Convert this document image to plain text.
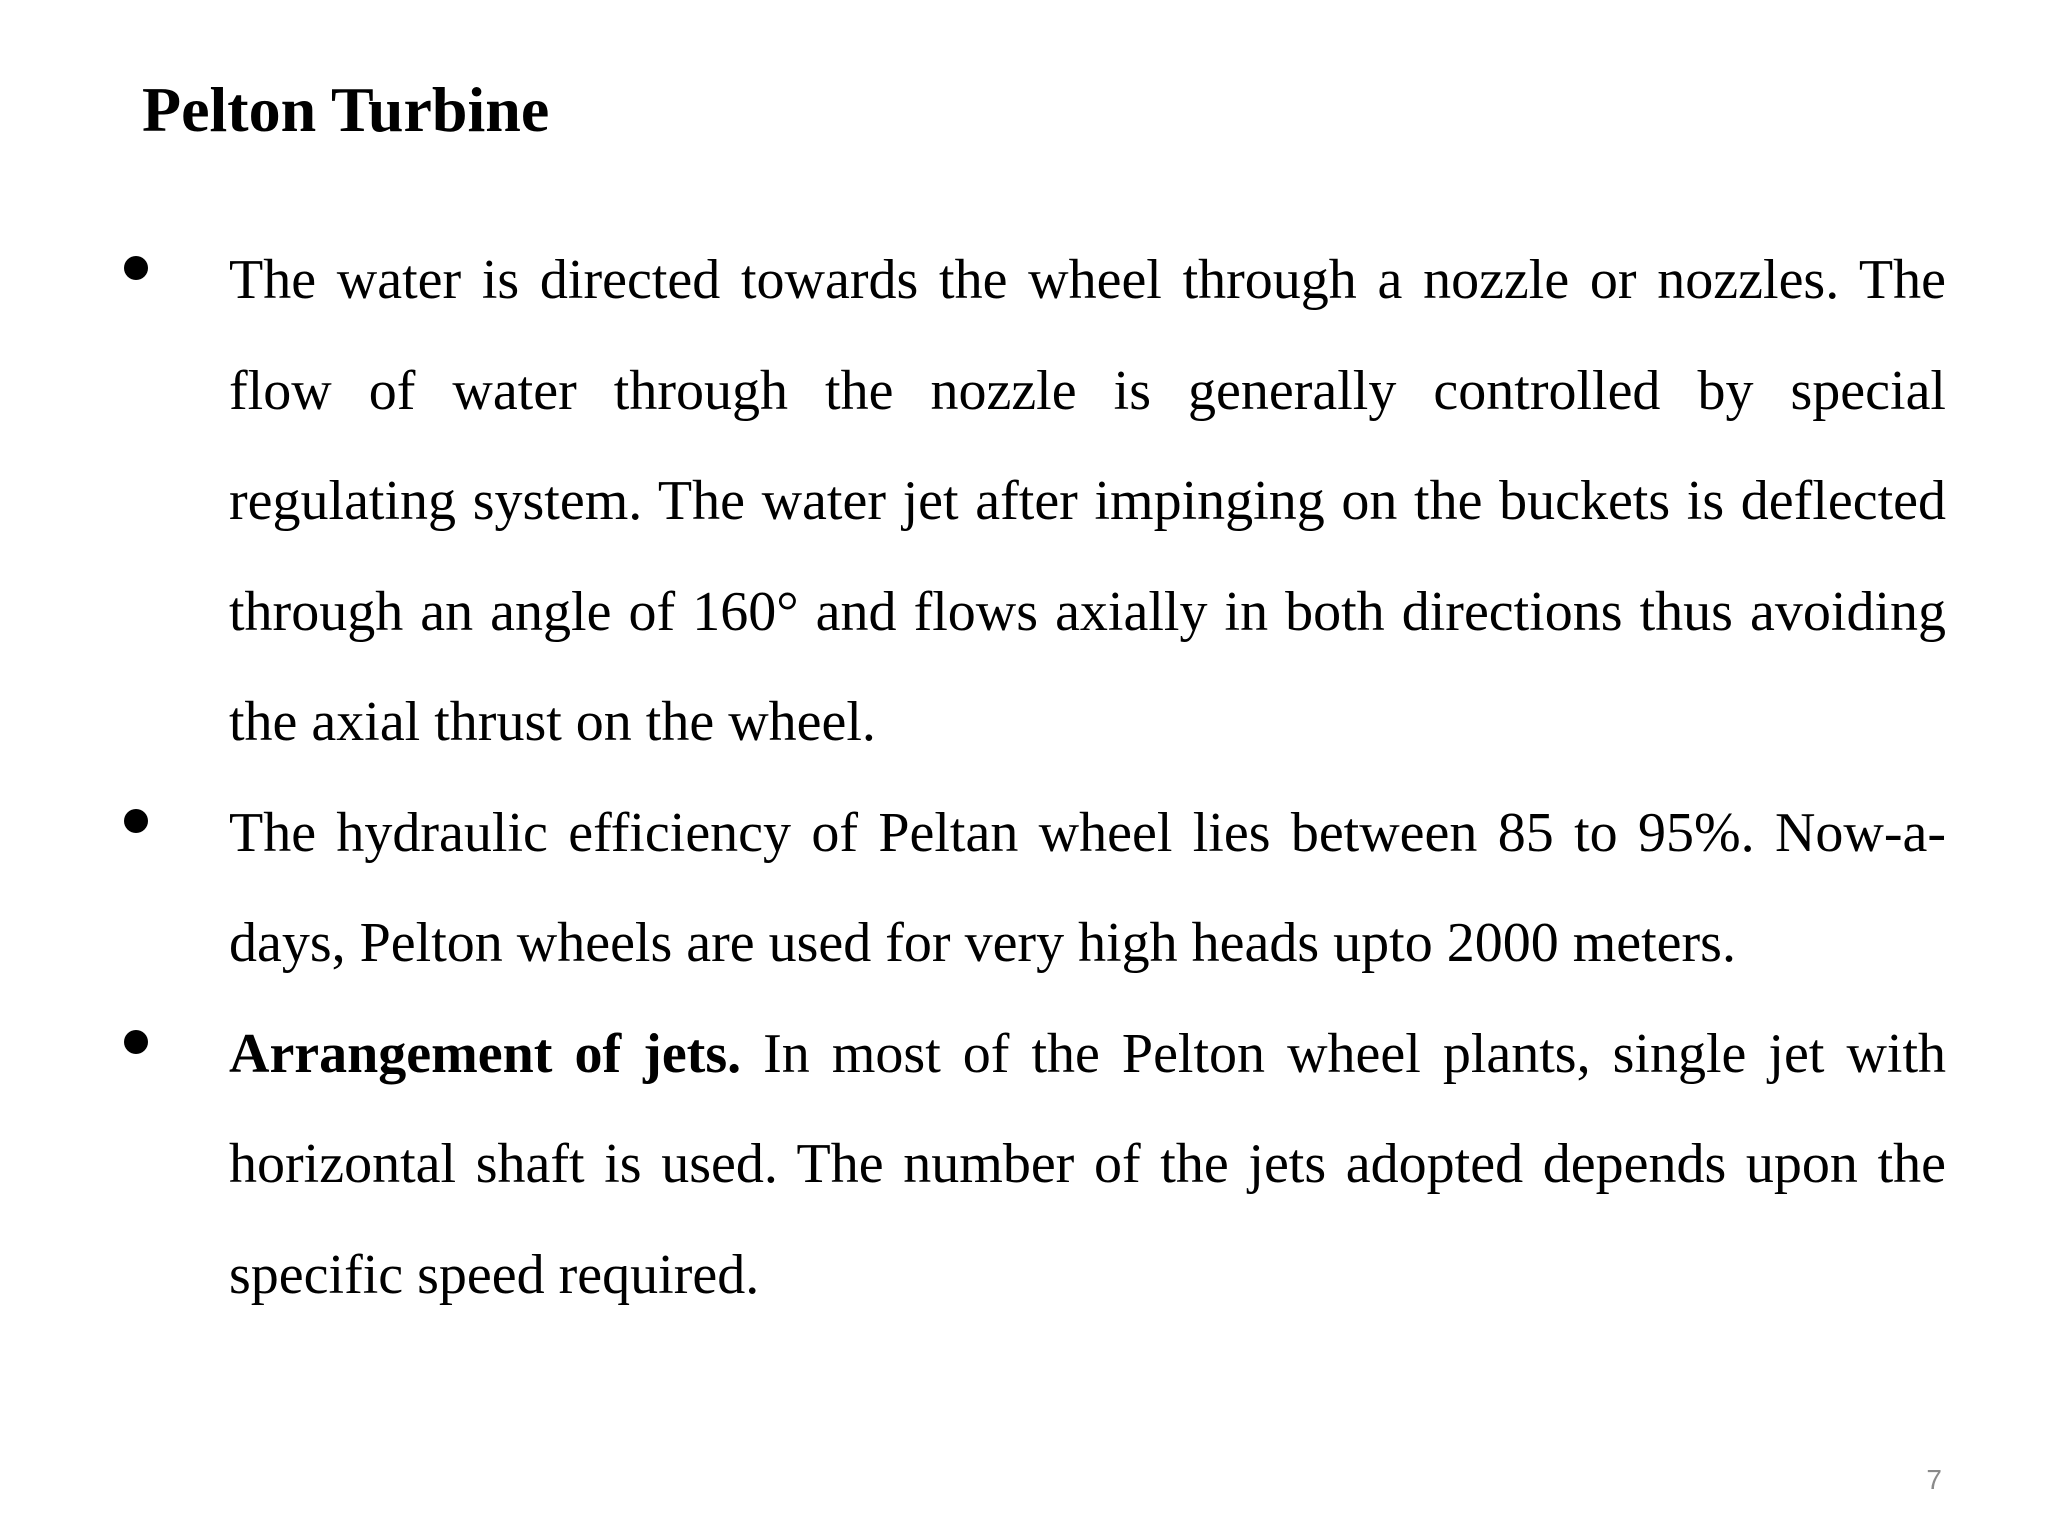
Pelton Turbine

The water is directed towards the wheel through a nozzle or nozzles. The flow of water through the nozzle is generally controlled by special regulating system. The water jet after impinging on the buckets is deflected through an angle of 160° and flows axially in both directions thus avoiding the axial thrust on the wheel.

The hydraulic efficiency of Peltan wheel lies between 85 to 95%. Now-a-days, Pelton wheels are used for very high heads upto 2000 meters.

Arrangement of jets. In most of the Pelton wheel plants, single jet with horizontal shaft is used. The number of the jets adopted depends upon the specific speed required.

7
